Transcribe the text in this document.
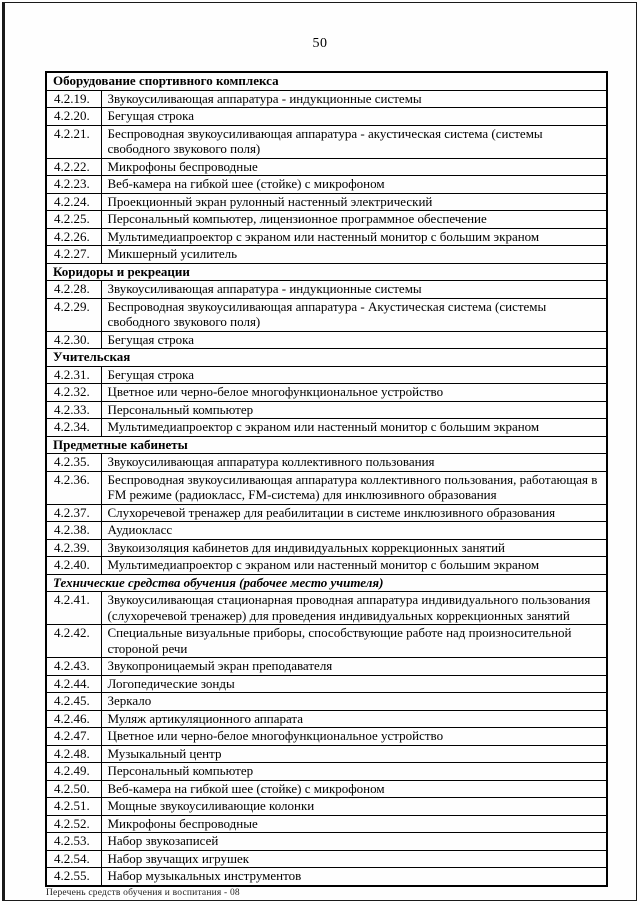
50
Оборудование спортивного комплекса	
4.2.19.	Звукоусиливающая аппаратура - индукционные системы
4.2.20.	Бегущая строка
4.2.21.	Беспроводная звукоусиливающая аппаратура - акустическая система (системы свободного звукового поля)
4.2.22.	Микрофоны беспроводные
4.2.23.	Веб-камера на гибкой шее (стойке) с микрофоном
4.2.24.	Проекционный экран рулонный настенный электрический
4.2.25.	Персональный компьютер, лицензионное программное обеспечение
4.2.26.	Мультимедиапроектор с экраном или настенный монитор с большим экраном
4.2.27.	Микшерный усилитель
Коридоры и рекреации	
4.2.28.	Звукоусиливающая аппаратура - индукционные системы
4.2.29.	Беспроводная звукоусиливающая аппаратура - Акустическая система (системы свободного звукового поля)
4.2.30.	Бегущая строка
Учительская	
4.2.31.	Бегущая строка
4.2.32.	Цветное или черно-белое многофункциональное устройство
4.2.33.	Персональный компьютер
4.2.34.	Мультимедиапроектор с экраном или настенный монитор с большим экраном
Предметные кабинеты	
4.2.35.	Звукоусиливающая аппаратура коллективного пользования
4.2.36.	Беспроводная звукоусиливающая аппаратура коллективного пользования, работающая в FM режиме (радиокласс, FM-система) для инклюзивного образования
4.2.37.	Слухоречевой тренажер для реабилитации в системе инклюзивного образования
4.2.38.	Аудиокласс
4.2.39.	Звукоизоляция кабинетов для индивидуальных коррекционных занятий
4.2.40.	Мультимедиапроектор с экраном или настенный монитор с большим экраном
Технические средства обучения (рабочее место учителя)	
4.2.41.	Звукоусиливающая стационарная проводная аппаратура индивидуального пользования (слухоречевой тренажер) для проведения индивидуальных коррекционных занятий
4.2.42.	Специальные визуальные приборы, способствующие работе над произносительной стороной речи
4.2.43.	Звукопроницаемый экран преподавателя
4.2.44.	Логопедические зонды
4.2.45.	Зеркало
4.2.46.	Муляж артикуляционного аппарата
4.2.47.	Цветное или черно-белое многофункциональное устройство
4.2.48.	Музыкальный центр
4.2.49.	Персональный компьютер
4.2.50.	Веб-камера на гибкой шее (стойке) с микрофоном
4.2.51.	Мощные звукоусиливающие колонки
4.2.52.	Микрофоны беспроводные
4.2.53.	Набор звукозаписей
4.2.54.	Набор звучащих игрушек
4.2.55.	Набор музыкальных инструментов
Перечень средств обучения и воспитания - 08
